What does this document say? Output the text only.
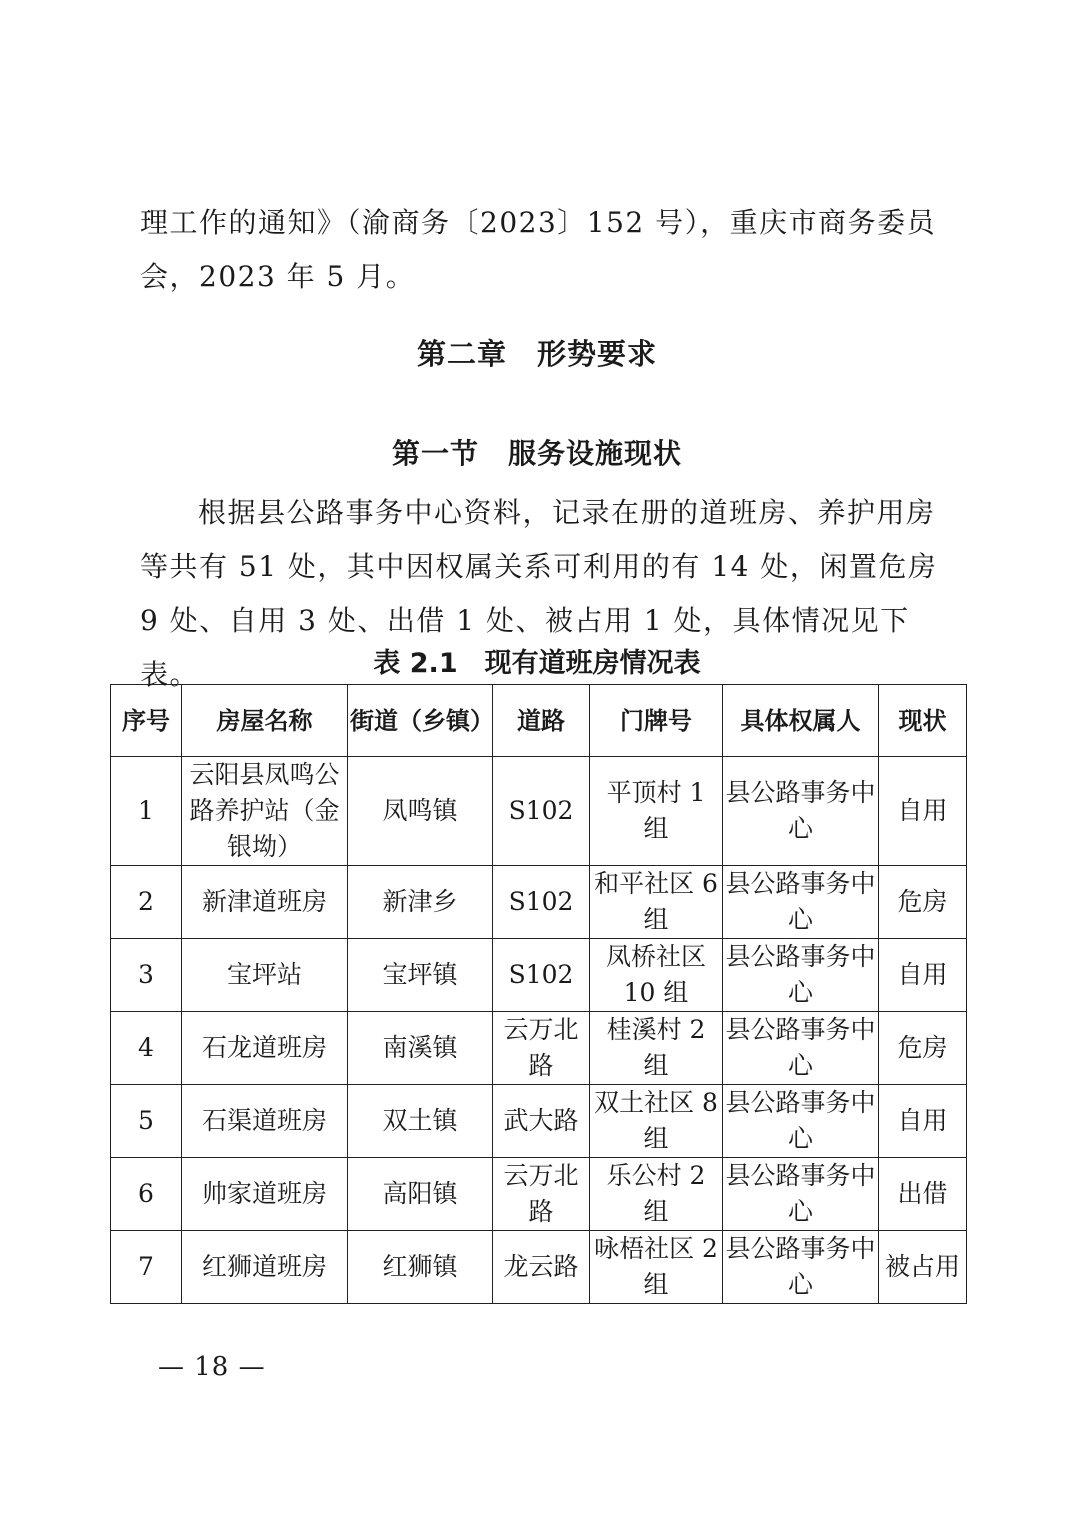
理工作的通知》（渝商务〔2023〕152 号），重庆市商务委员会，2023 年 5 月。

第二章　形势要求
第一节　服务设施现状

根据县公路事务中心资料，记录在册的道班房、养护用房等共有 51 处，其中因权属关系可利用的有 14 处，闲置危房 9 处、自用 3 处、出借 1 处、被占用 1 处，具体情况见下表。	表 2.1　现有道班房情况表
序号	房屋名称	街道（乡镇）	道路	门牌号	具体权属人	现状
1	云阳县凤鸣公路养护站（金银坳）	凤鸣镇	S102	平顶村 1 组	县公路事务中心	自用
2	新津道班房	新津乡	S102	和平社区 6 组	县公路事务中心	危房
3	宝坪站	宝坪镇	S102	凤桥社区 10 组	县公路事务中心	自用
4	石龙道班房	南溪镇	云万北路	桂溪村 2 组	县公路事务中心	危房
5	石渠道班房	双土镇	武大路	双土社区 8 组	县公路事务中心	自用
6	帅家道班房	高阳镇	云万北路	乐公村 2 组	县公路事务中心	出借
7	红狮道班房	红狮镇	龙云路	咏梧社区 2 组	县公路事务中心	被占用
— 18 —
